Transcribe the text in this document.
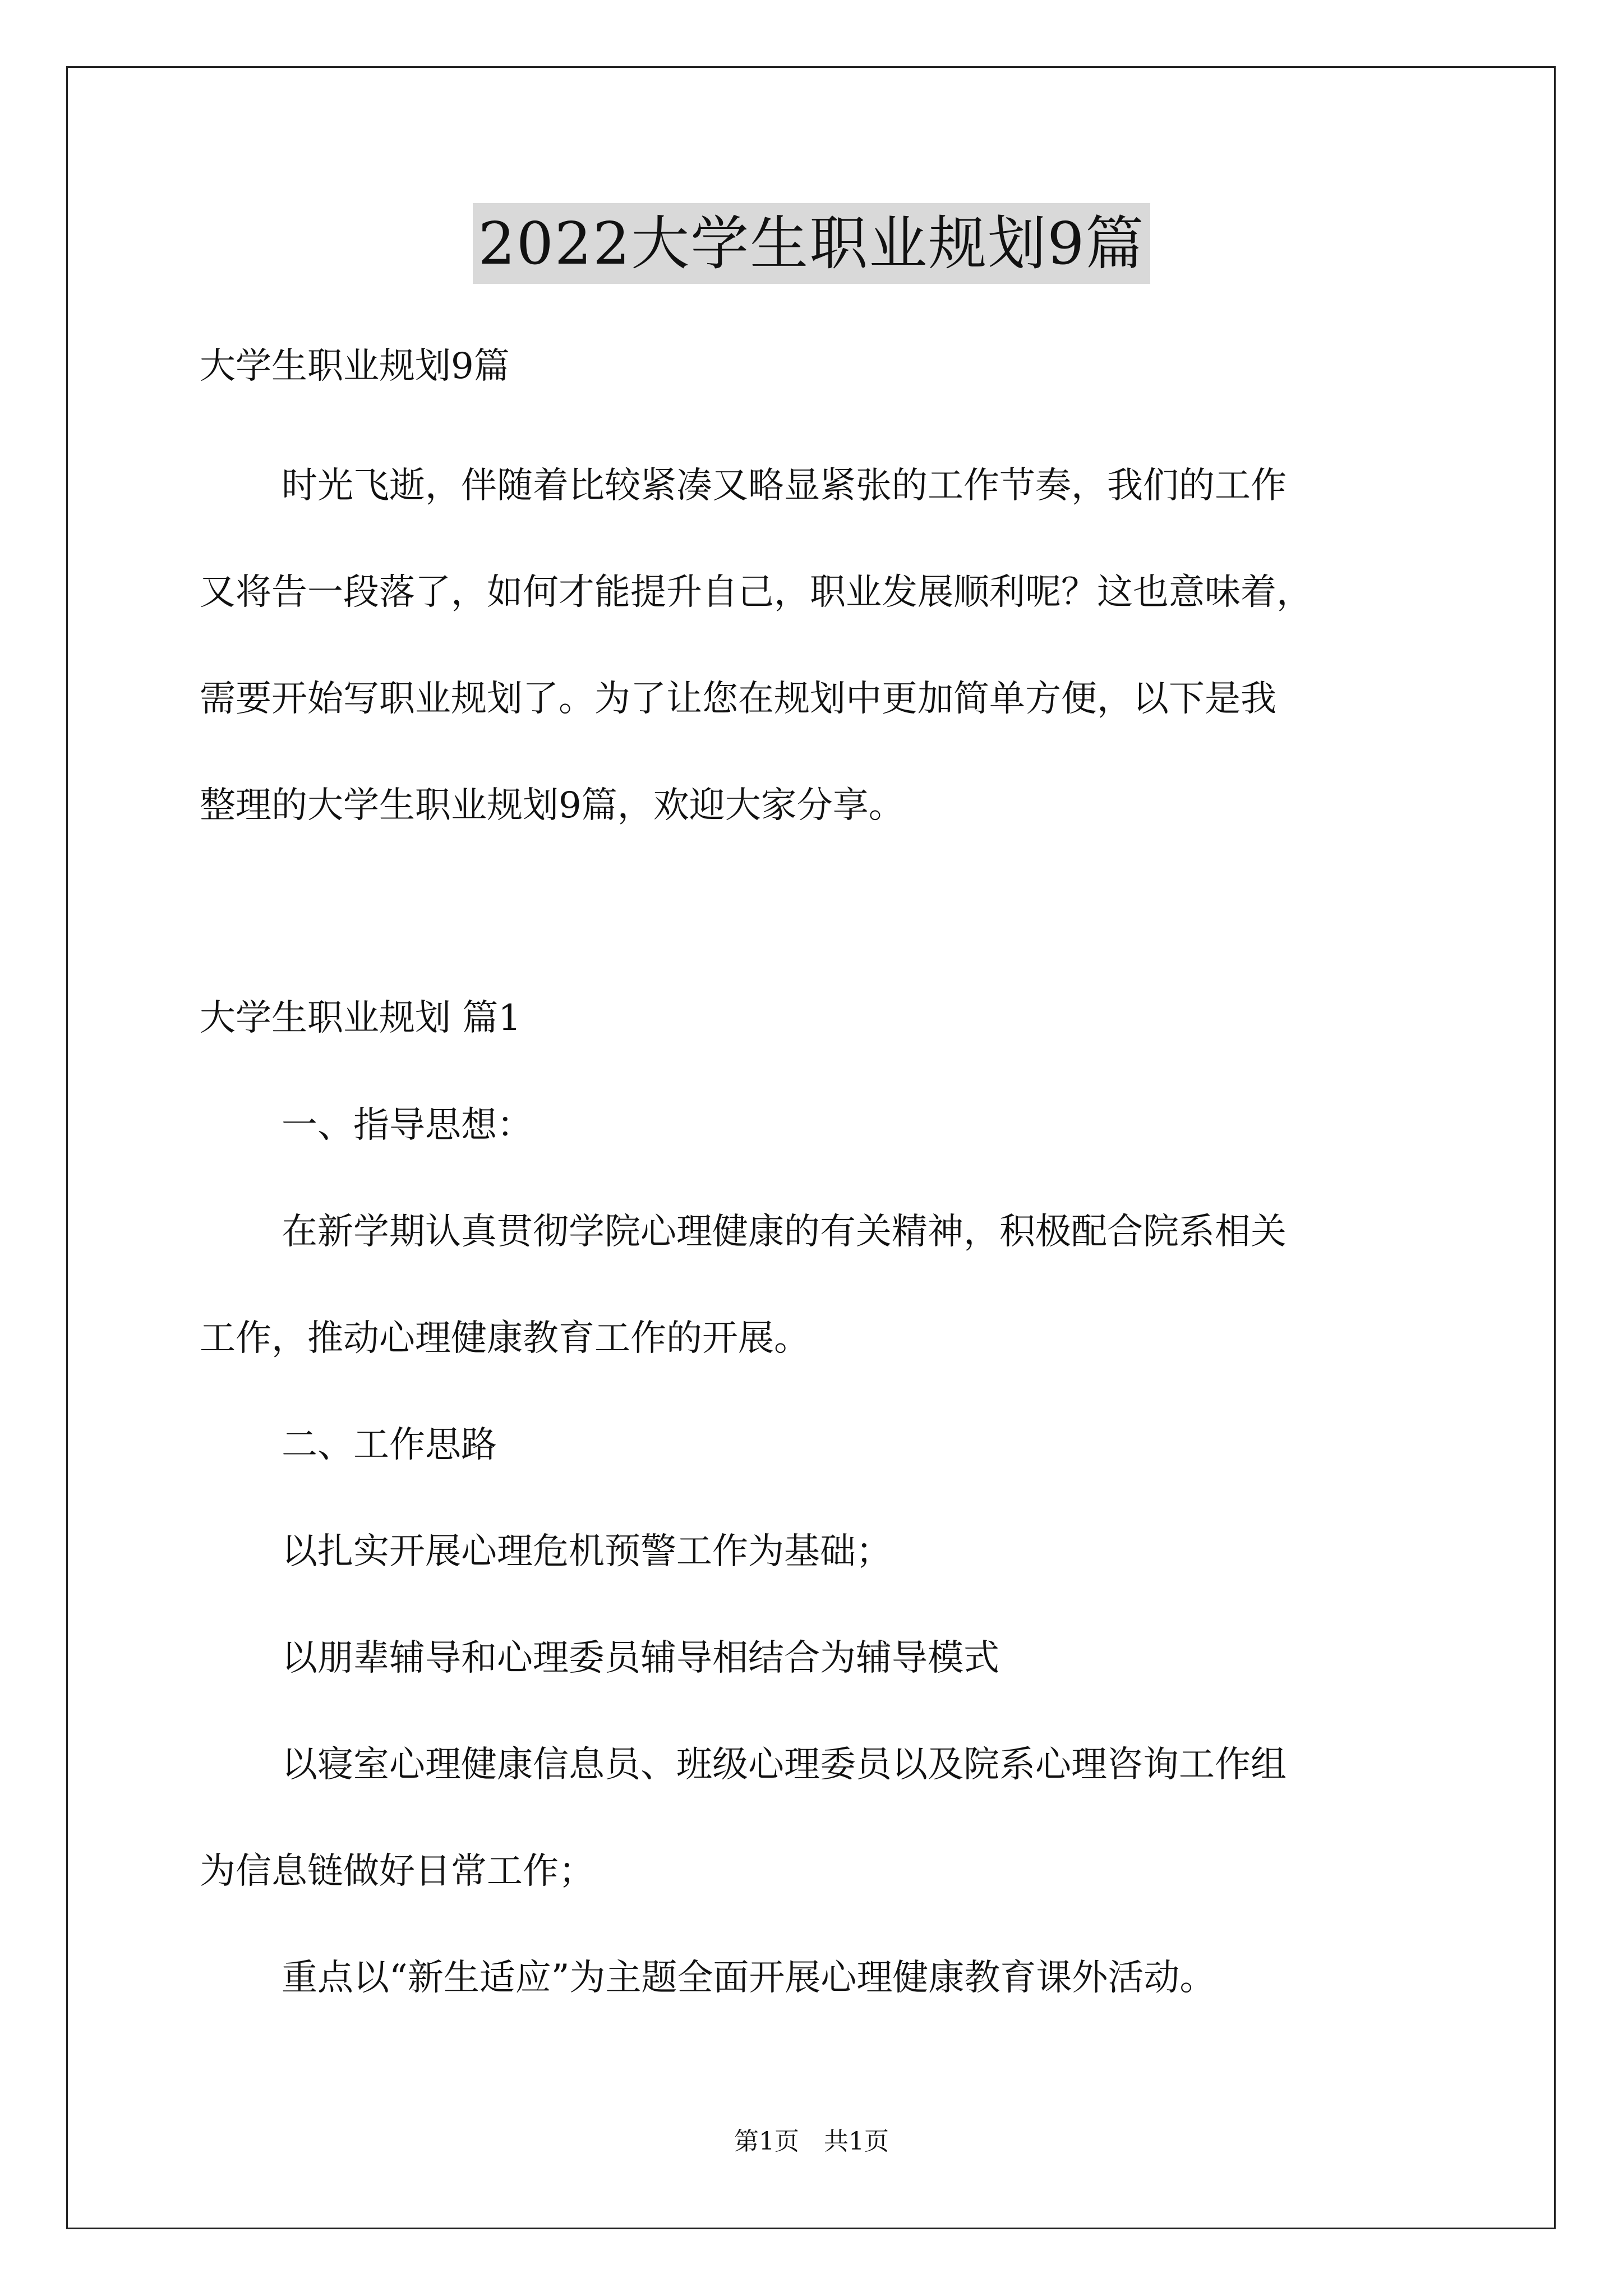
2022大学生职业规划9篇
大学生职业规划9篇
时光飞逝，伴随着比较紧凑又略显紧张的工作节奏，我们的工作
又将告一段落了，如何才能提升自己，职业发展顺利呢？这也意味着，
需要开始写职业规划了。为了让您在规划中更加简单方便，以下是我
整理的大学生职业规划9篇，欢迎大家分享。
大学生职业规划 篇1
一、指导思想：
在新学期认真贯彻学院心理健康的有关精神，积极配合院系相关
工作，推动心理健康教育工作的开展。
二、工作思路
以扎实开展心理危机预警工作为基础；
以朋辈辅导和心理委员辅导相结合为辅导模式
以寝室心理健康信息员、班级心理委员以及院系心理咨询工作组
为信息链做好日常工作；
重点以“新生适应”为主题全面开展心理健康教育课外活动。
第1页　共1页
